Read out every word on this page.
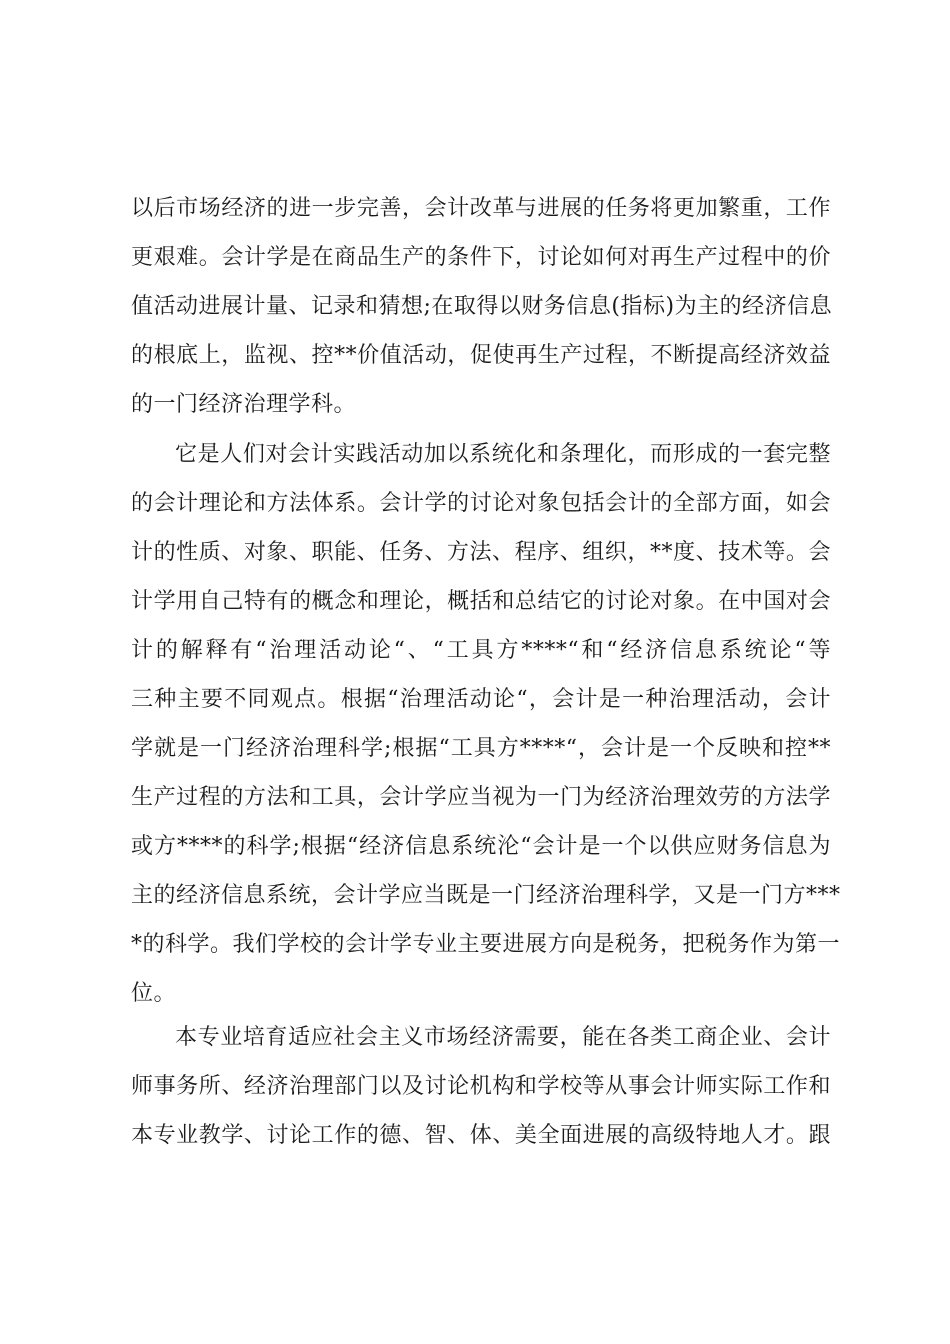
以后市场经济的进一步完善，会计改革与进展的任务将更加繁重，工作
更艰难。会计学是在商品生产的条件下，讨论如何对再生产过程中的价
值活动进展计量、记录和猜想;在取得以财务信息(指标)为主的经济信息
的根底上，监视、控**价值活动，促使再生产过程，不断提高经济效益
的一门经济治理学科。
它是人们对会计实践活动加以系统化和条理化，而形成的一套完整
的会计理论和方法体系。会计学的讨论对象包括会计的全部方面，如会
计的性质、对象、职能、任务、方法、程序、组织，**度、技术等。会
计学用自己特有的概念和理论，概括和总结它的讨论对象。在中国对会
计的解释有“治理活动论“、“工具方****“和“经济信息系统论“等
三种主要不同观点。根据“治理活动论“，会计是一种治理活动，会计
学就是一门经济治理科学;根据“工具方****“，会计是一个反映和控**
生产过程的方法和工具，会计学应当视为一门为经济治理效劳的方法学
或方****的科学;根据“经济信息系统沦“会计是一个以供应财务信息为
主的经济信息系统，会计学应当既是一门经济治理科学，又是一门方***
*的科学。我们学校的会计学专业主要进展方向是税务，把税务作为第一
位。
本专业培育适应社会主义市场经济需要，能在各类工商企业、会计
师事务所、经济治理部门以及讨论机构和学校等从事会计师实际工作和
本专业教学、讨论工作的德、智、体、美全面进展的高级特地人才。跟
